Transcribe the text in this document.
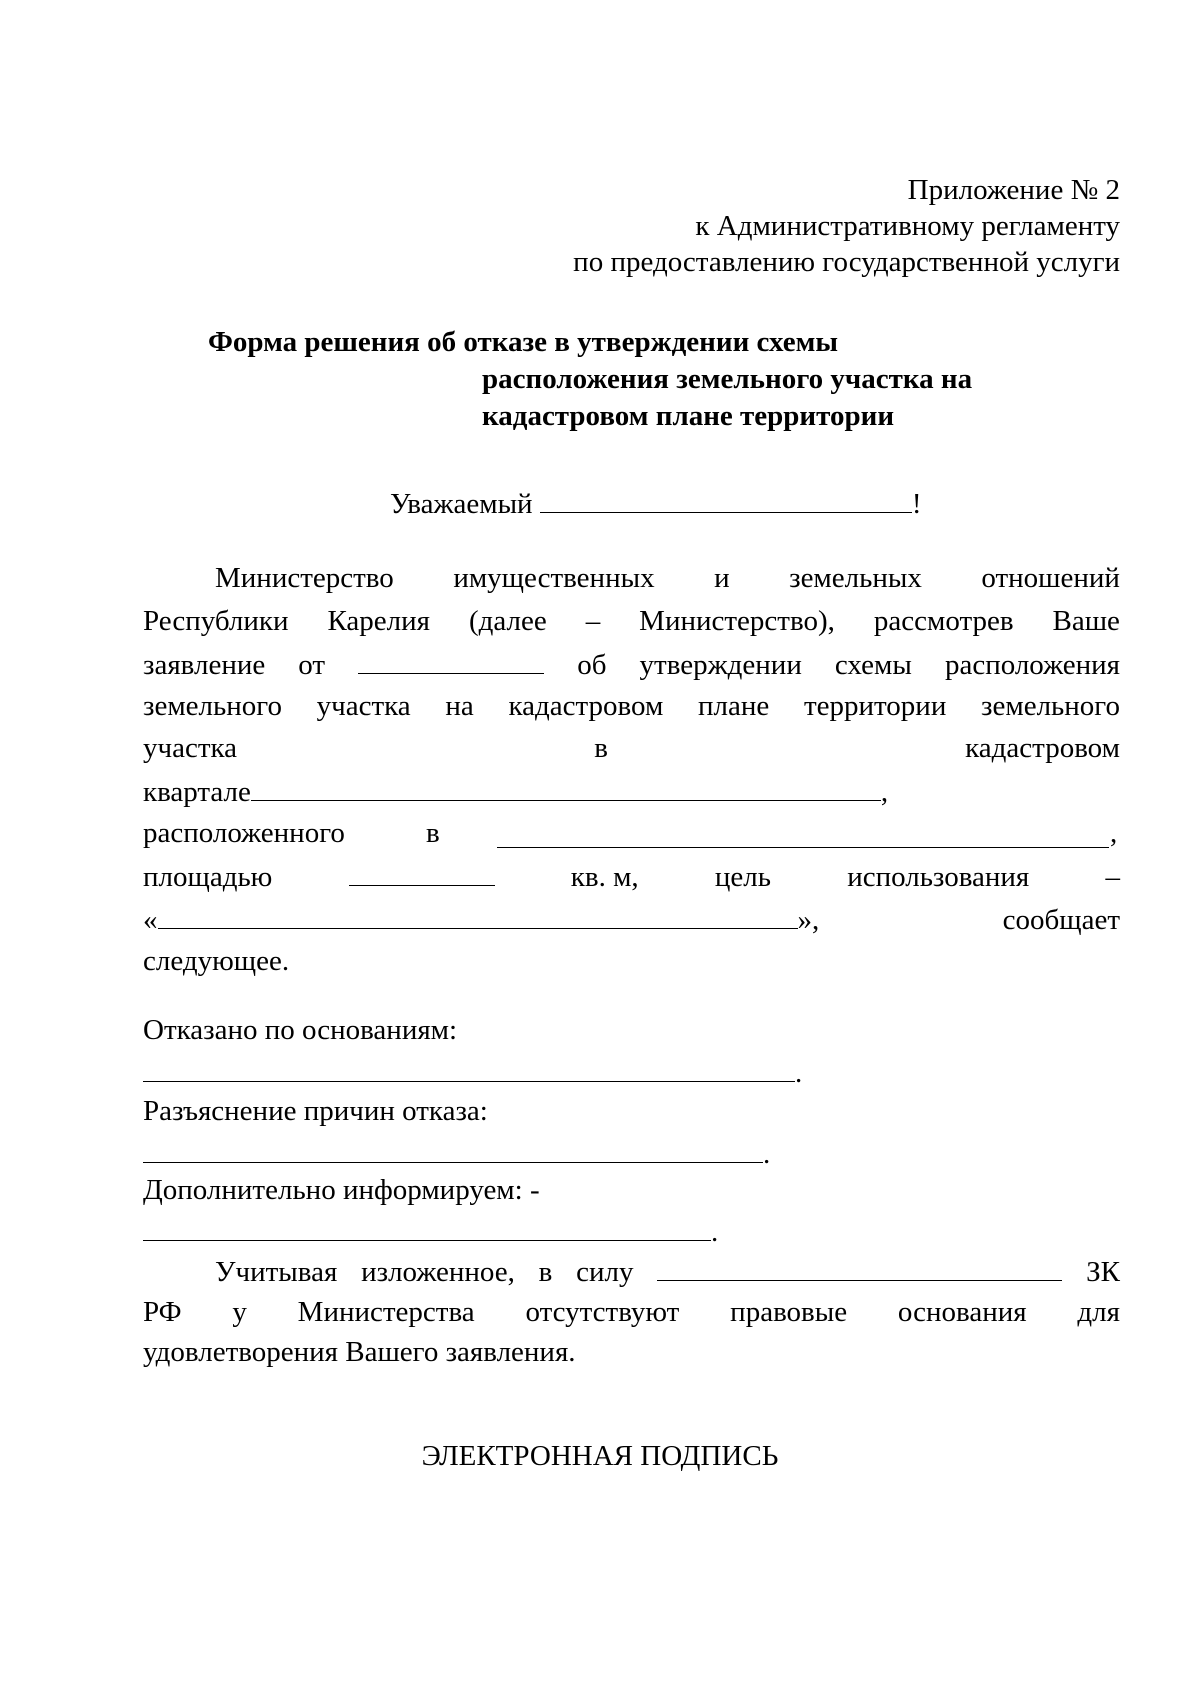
Приложение № 2
к Административному регламенту
по предоставлению государственной услуги
Форма решения об отказе в утверждении схемы
расположения земельного участка на
кадастровом плане территории
Уважаемый	!
Министерство имущественных и земельных отношений
Республики Карелия (далее – Министерство), рассмотрев Ваше
заявление от	об утверждении схемы расположения
земельного участка на кадастровом плане территории земельного
участка	в	кадастровом
квартале	,
расположенного	в	,
площадью	кв. м,	цель	использования	–
«	»,	сообщает
следующее.
Отказано по основаниям:
.
Разъяснение причин отказа:
.
Дополнительно информируем: -
.
Учитывая изложенное, в силу	ЗК
РФ у Министерства отсутствуют правовые основания для
удовлетворения Вашего заявления.
ЭЛЕКТРОННАЯ ПОДПИСЬ
